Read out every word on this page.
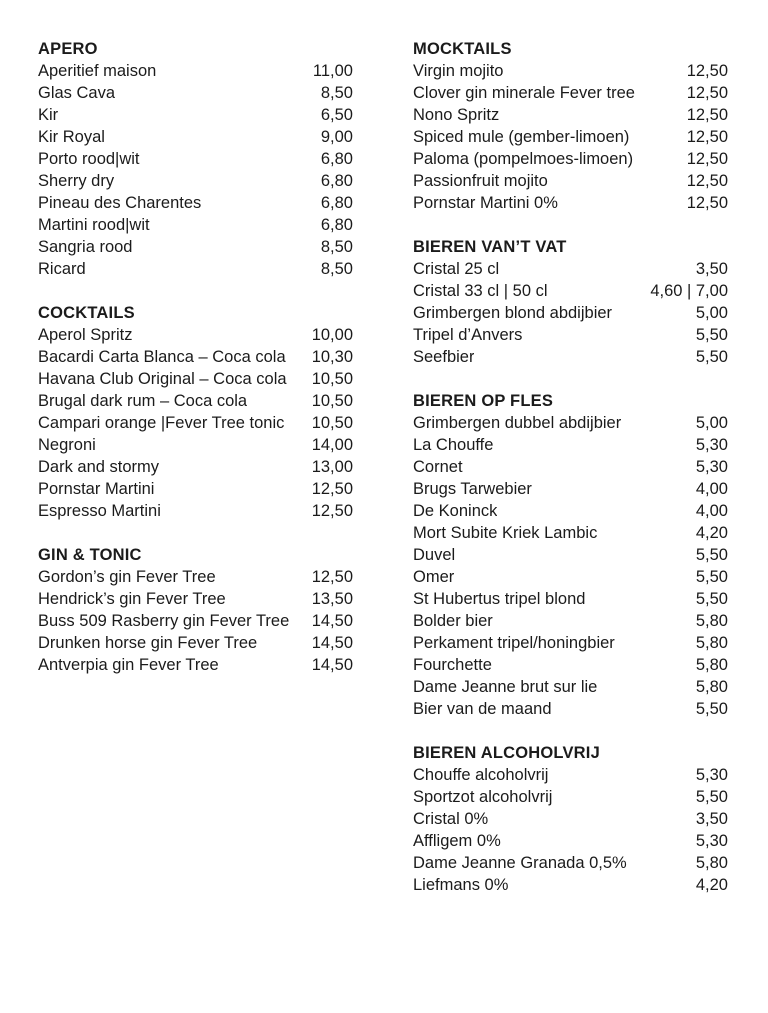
APERO
Aperitief maison	11,00
Glas Cava	8,50
Kir	6,50
Kir Royal	9,00
Porto rood|wit	6,80
Sherry dry	6,80
Pineau des Charentes	6,80
Martini rood|wit	6,80
Sangria rood	8,50
Ricard	8,50
COCKTAILS
Aperol Spritz	10,00
Bacardi Carta Blanca – Coca cola	10,30
Havana Club Original – Coca cola	10,50
Brugal dark rum – Coca cola	10,50
Campari orange |Fever Tree tonic	10,50
Negroni	14,00
Dark and stormy	13,00
Pornstar Martini	12,50
Espresso Martini	12,50
GIN & TONIC
Gordon’s gin Fever Tree	12,50
Hendrick’s gin Fever Tree	13,50
Buss 509 Rasberry gin Fever Tree	14,50
Drunken horse gin Fever Tree	14,50
Antverpia gin Fever Tree	14,50
MOCKTAILS
Virgin mojito	12,50
Clover gin minerale Fever tree	12,50
Nono Spritz	12,50
Spiced mule (gember-limoen)	12,50
Paloma (pompelmoes-limoen)	12,50
Passionfruit mojito	12,50
Pornstar Martini 0%	12,50
BIEREN VAN’T VAT
Cristal 25 cl	3,50
Cristal 33 cl | 50 cl	4,60 | 7,00
Grimbergen blond abdijbier	5,00
Tripel d’Anvers	5,50
Seefbier	5,50
BIEREN OP FLES
Grimbergen dubbel abdijbier	5,00
La Chouffe	5,30
Cornet	5,30
Brugs Tarwebier	4,00
De Koninck	4,00
Mort Subite Kriek Lambic	4,20
Duvel	5,50
Omer	5,50
St Hubertus tripel blond	5,50
Bolder bier	5,80
Perkament tripel/honingbier	5,80
Fourchette	5,80
Dame Jeanne brut sur lie	5,80
Bier van de maand	5,50
BIEREN ALCOHOLVRIJ
Chouffe alcoholvrij	5,30
Sportzot alcoholvrij	5,50
Cristal 0%	3,50
Affligem 0%	5,30
Dame Jeanne Granada 0,5%	5,80
Liefmans 0%	4,20
